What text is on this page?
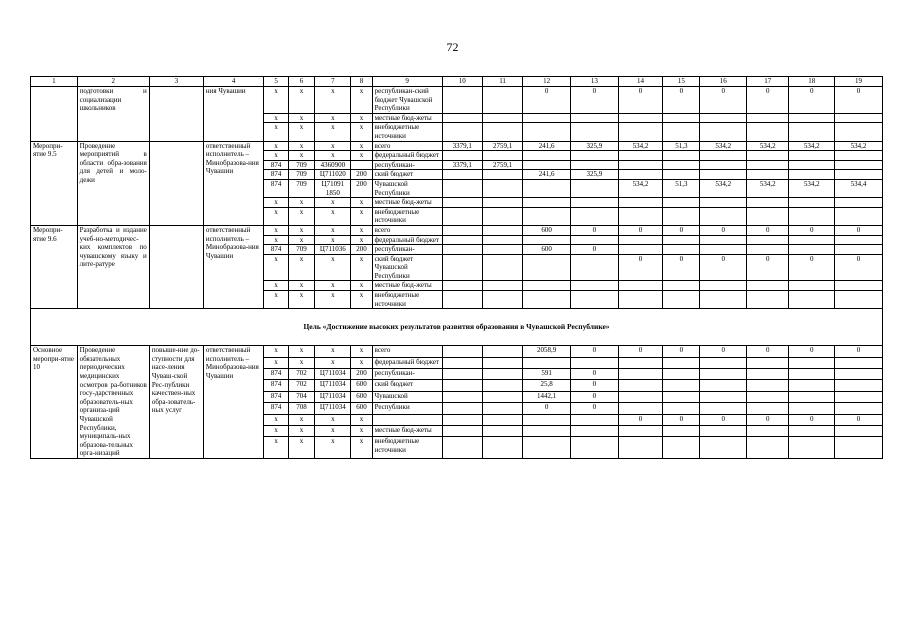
72
1	2	3	4	5	6	7	8	9	10	11	12	13	14	15	16	17	18	19
	подготовки и социализации школьников		ния Чувашии	х	х	х	х	республикан-ский бюджет Чувашской Республики			0	0	0	0	0	0	0	0
				х	х	х	х	местные бюд-жеты										
				х	х	х	х	внебюджетные источники										
Меропри-ятие 9.5	Проведение мероприятий в области обра-зования для детей и моло-дежи		ответственный исполнитель – Минобразова-ния Чувашии	х	х	х	х	всего	3379,1	2759,1	241,6	325,9	534,2	51,3	534,2	534,2	534,2	534,2
				х	х	х	х	федеральный бюджет										
				874	709	4360900		республикан-	3379,1	2759,1								
				874	709	Ц711020	200	ский бюджет			241,6	325,9						
				874	709	Ц71091 1850	200	Чувашской Республики					534,2	51,3	534,2	534,2	534,2	534,4
				х	х	х	х	местные бюд-жеты										
				х	х	х	х	внебюджетные источники										
Меропри-ятие 9.6	Разработка и издание учеб-но-методичес-ких комплектов по чувашскому языку и лите-ратуре		ответственный исполнитель – Минобразова-ния Чувашии	х	х	х	х	всего			600	0	0	0	0	0	0	0
				х	х	х	х	федеральный бюджет										
				874	709	Ц711036	200	республикан-			600	0						
				х	х	х	х	ский бюджет Чувашской Республики					0	0	0	0	0	0
				х	х	х	х	местные бюд-жеты										
				х	х	х	х	внебюджетные источники										
Цель «Достижение высоких результатов развития образования в Чувашской Республике»																		
Основное меропри-ятие 10	Проведение обязательных периодических медицинских осмотров ра-ботников госу-дарственных образователь-ных организа-ций Чувашской Республики, муниципаль-ных образова-тельных орга-низаций	повыше-ние до-ступности для насе-ления Чуваш-ской Рес-публики качествен-ных обра-зователь-ных услуг	ответственный исполнитель – Минобразова-ния Чувашии	х	х	х	х	всего			2058,9	0	0	0	0	0	0	0
				х	х	х	х	федеральный бюджет										
				874	702	Ц711034	200	республикан-			591	0						
				874	702	Ц711034	600	ский бюджет			25,8	0						
				874	704	Ц711034	600	Чувашской			1442,1	0						
				874	708	Ц711034	600	Республики			0	0						
				х	х	х	х						0	0	0	0	0	0
				х	х	х	х	местные бюд-жеты										
				х	х	х	х	внебюджетные источники										
